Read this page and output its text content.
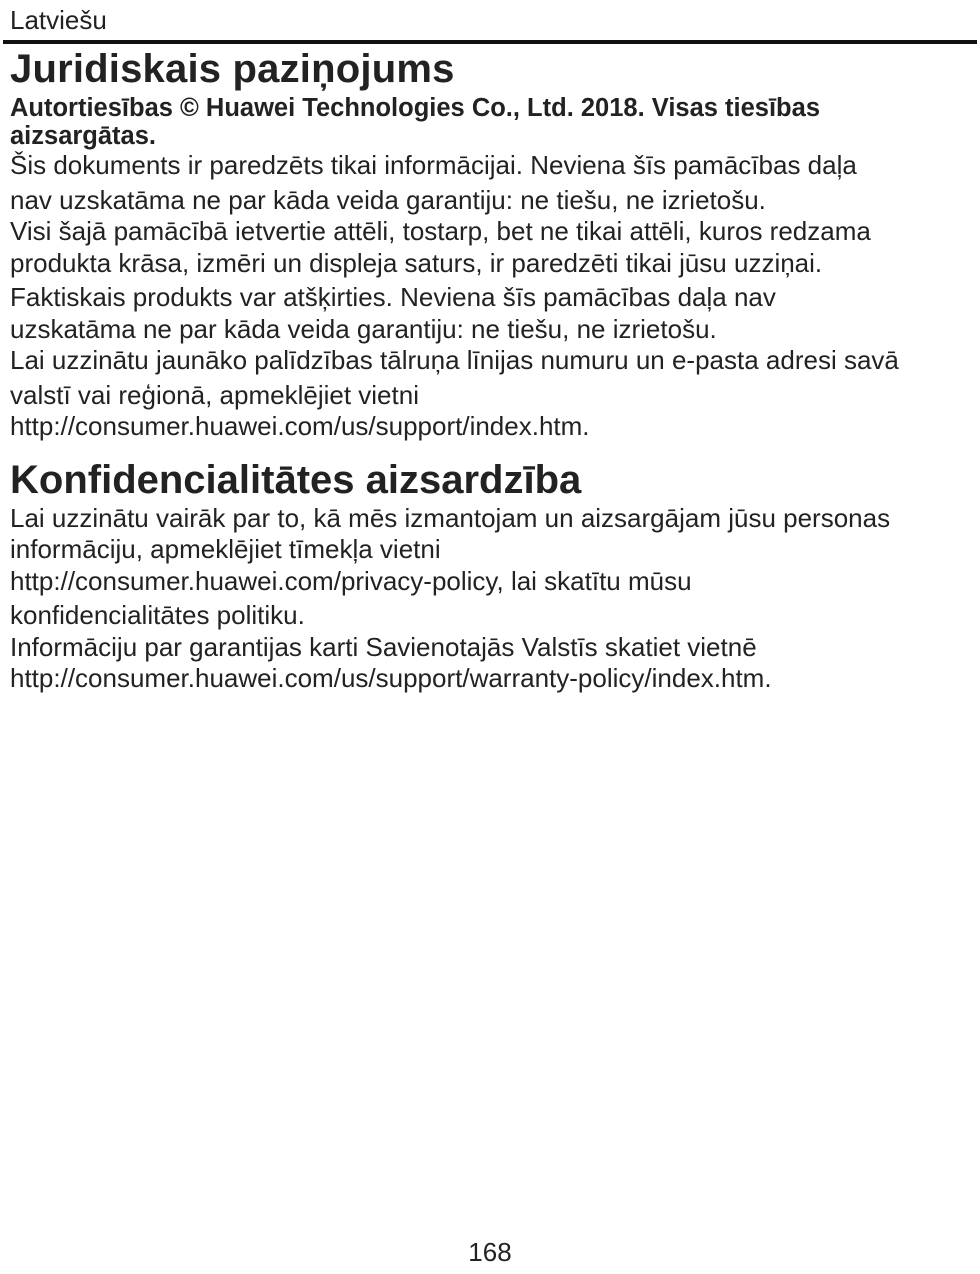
Latviešu
Juridiskais paziņojums
Autortiesības © Huawei Technologies Co., Ltd. 2018. Visas tiesības
aizsargātas.
Šis dokuments ir paredzēts tikai informācijai. Neviena šīs pamācības daļa
nav uzskatāma ne par kāda veida garantiju: ne tiešu, ne izrietošu.
Visi šajā pamācībā ietvertie attēli, tostarp, bet ne tikai attēli, kuros redzama
produkta krāsa, izmēri un displeja saturs, ir paredzēti tikai jūsu uzziņai.
Faktiskais produkts var atšķirties. Neviena šīs pamācības daļa nav
uzskatāma ne par kāda veida garantiju: ne tiešu, ne izrietošu.
Lai uzzinātu jaunāko palīdzības tālruņa līnijas numuru un e-pasta adresi savā
valstī vai reģionā, apmeklējiet vietni
http://consumer.huawei.com/us/support/index.htm.
Konfidencialitātes aizsardzība
Lai uzzinātu vairāk par to, kā mēs izmantojam un aizsargājam jūsu personas
informāciju, apmeklējiet tīmekļa vietni
http://consumer.huawei.com/privacy-policy, lai skatītu mūsu
konfidencialitātes politiku.
Informāciju par garantijas karti Savienotajās Valstīs skatiet vietnē
http://consumer.huawei.com/us/support/warranty-policy/index.htm.
168
